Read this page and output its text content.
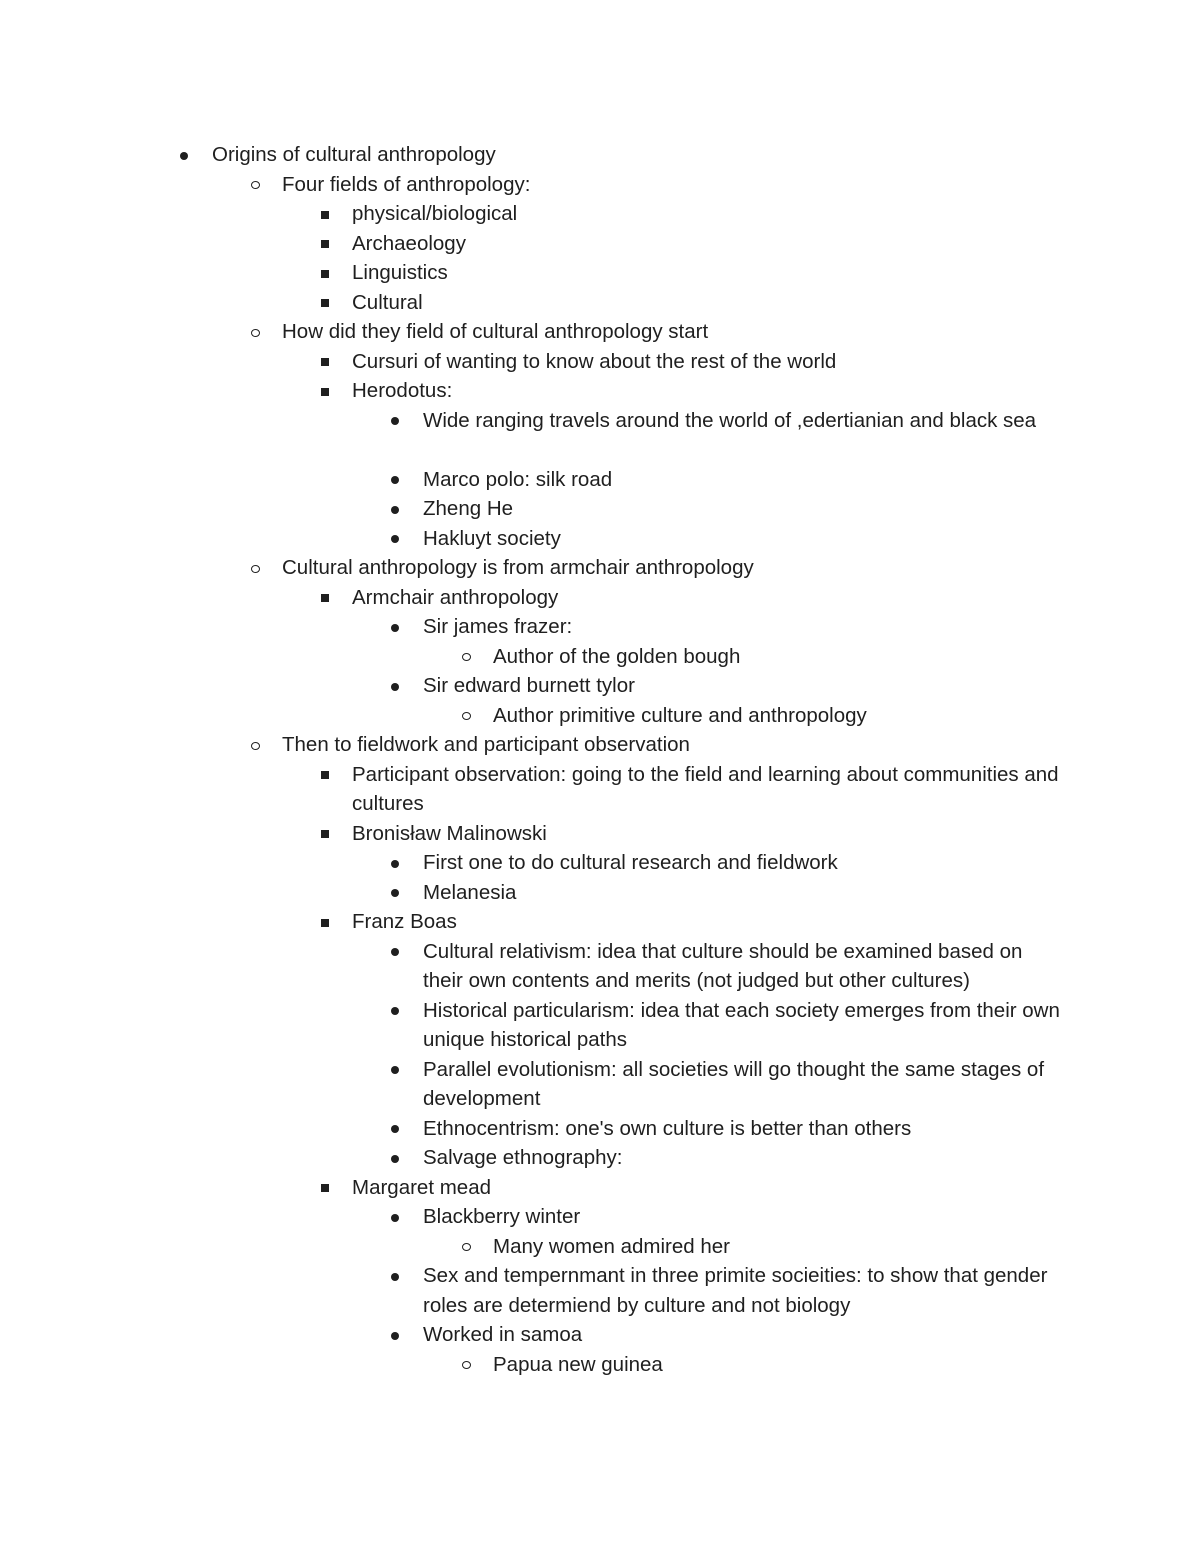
Origins of cultural anthropology
Four fields of anthropology:
physical/biological
Archaeology
Linguistics
Cultural
How did they field of cultural anthropology start
Cursuri of wanting to know about the rest of the world
Herodotus:
Wide ranging travels around the world of ,edertianian and black sea
Marco polo: silk road
Zheng He
Hakluyt society
Cultural anthropology is from armchair anthropology
Armchair anthropology
Sir james frazer:
Author of the golden bough
Sir edward burnett tylor
Author primitive culture and anthropology
Then to fieldwork and participant observation
Participant observation: going to the field and learning about communities and cultures
Bronisław Malinowski
First one to do cultural research and fieldwork
Melanesia
Franz Boas
Cultural relativism: idea that culture should be examined based on their own contents and merits (not judged but other cultures)
Historical particularism: idea that each society emerges from their own unique historical paths
Parallel evolutionism: all societies will go thought the same stages of development
Ethnocentrism: one's own culture is better than others
Salvage ethnography:
Margaret mead
Blackberry winter
Many women admired her
Sex and tempernmant in three primite socieities: to show that gender roles are determiend by culture and not biology
Worked in samoa
Papua new guinea
